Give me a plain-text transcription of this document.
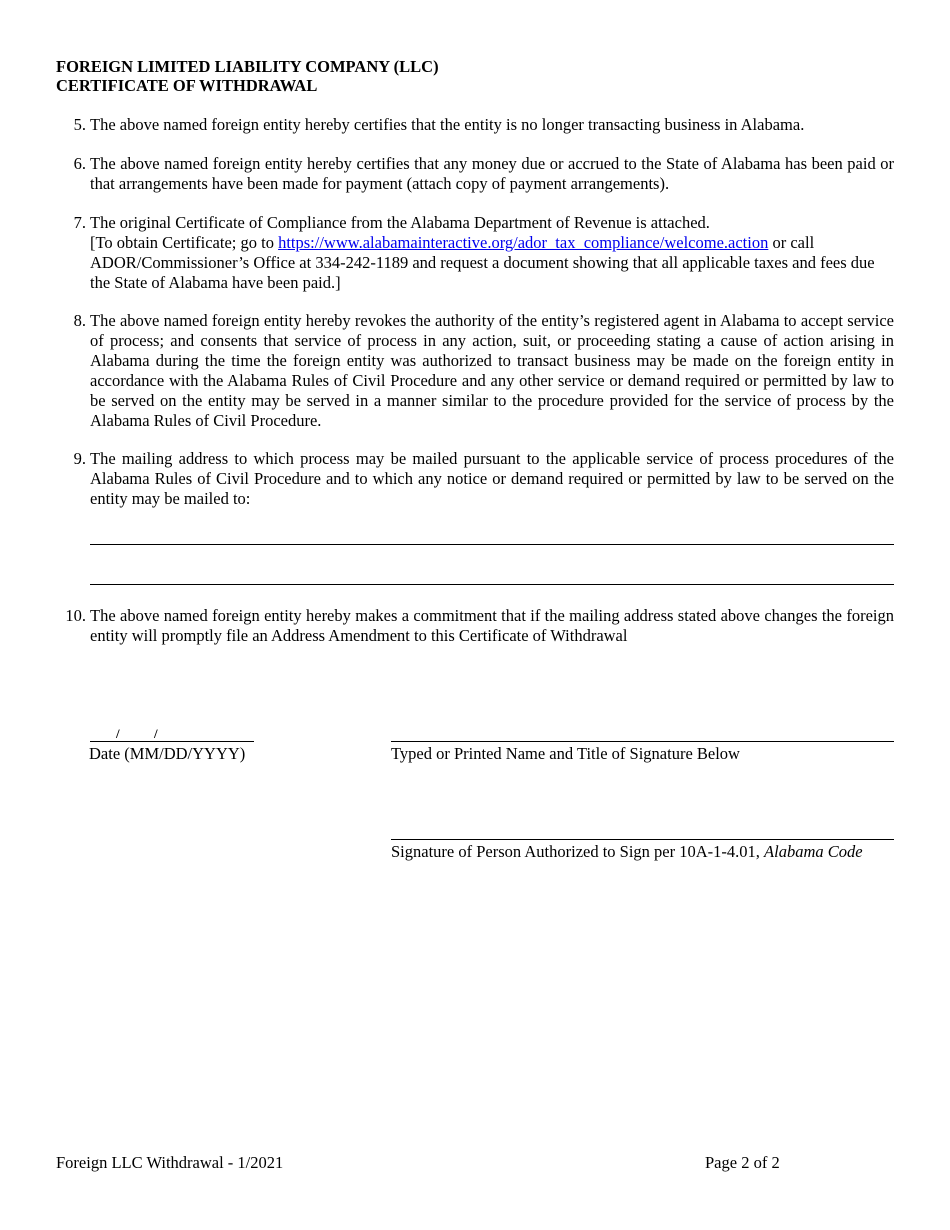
FOREIGN LIMITED LIABILITY COMPANY (LLC)
CERTIFICATE OF WITHDRAWAL
5. The above named foreign entity hereby certifies that the entity is no longer transacting business in Alabama.
6. The above named foreign entity hereby certifies that any money due or accrued to the State of Alabama has been paid or that arrangements have been made for payment (attach copy of payment arrangements).
7. The original Certificate of Compliance from the Alabama Department of Revenue is attached.

[To obtain Certificate; go to https://www.alabamainteractive.org/ador_tax_compliance/welcome.action or call ADOR/Commissioner’s Office at 334-242-1189 and request a document showing that all applicable taxes and fees due the State of Alabama have been paid.]

8. The above named foreign entity hereby revokes the authority of the entity’s registered agent in Alabama to accept service of process; and consents that service of process in any action, suit, or proceeding stating a cause of action arising in Alabama during the time the foreign entity was authorized to transact business may be made on the foreign entity in accordance with the Alabama Rules of Civil Procedure and any other service or demand required or permitted by law to be served on the entity may be served in a manner similar to the procedure provided for the service of process by the Alabama Rules of Civil Procedure.
9. The mailing address to which process may be mailed pursuant to the applicable service of process procedures of the Alabama Rules of Civil Procedure and to which any notice or demand required or permitted by law to be served on the entity may be mailed to:
10. The above named foreign entity hereby makes a commitment that if the mailing address stated above changes the foreign entity will promptly file an Address Amendment to this Certificate of Withdrawal
/	/
Date (MM/DD/YYYY)	Typed or Printed Name and Title of Signature Below
Signature of Person Authorized to Sign per 10A-1-4.01, Alabama Code
Foreign LLC Withdrawal - 1/2021	Page 2 of 2
